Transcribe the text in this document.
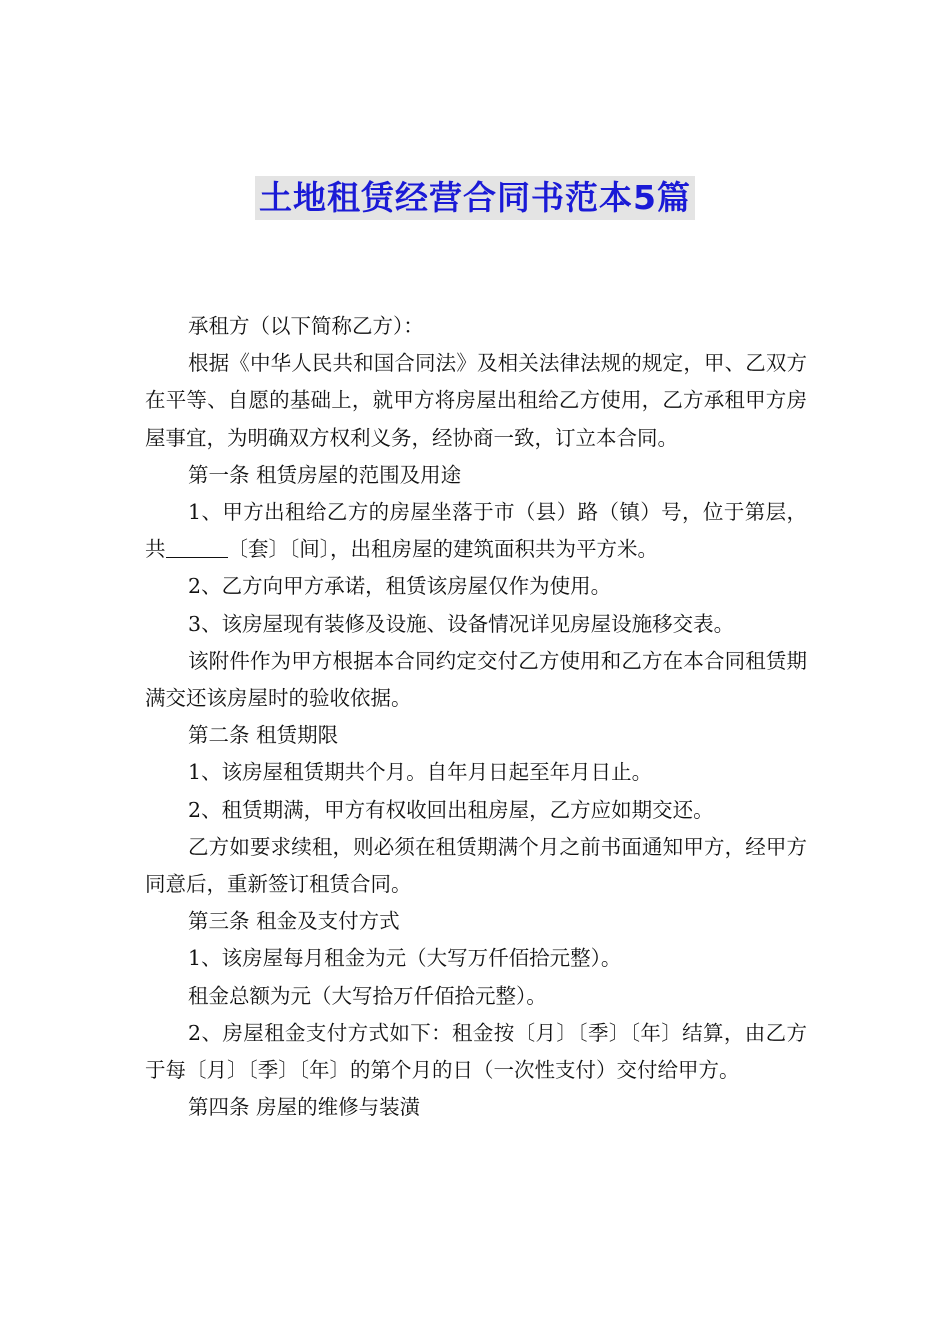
土地租赁经营合同书范本5篇

承租方（以下简称乙方）：

根据《中华人民共和国合同法》及相关法律法规的规定，甲、乙双方在平等、自愿的基础上，就甲方将房屋出租给乙方使用，乙方承租甲方房屋事宜，为明确双方权利义务，经协商一致，订立本合同。

第一条 租赁房屋的范围及用途

1、甲方出租给乙方的房屋坐落于市（县）路（镇）号，位于第层，共	〔套〕〔间〕，出租房屋的建筑面积共为平方米。

2、乙方向甲方承诺，租赁该房屋仅作为使用。

3、该房屋现有装修及设施、设备情况详见房屋设施移交表。

该附件作为甲方根据本合同约定交付乙方使用和乙方在本合同租赁期满交还该房屋时的验收依据。

第二条 租赁期限

1、该房屋租赁期共个月。自年月日起至年月日止。

2、租赁期满，甲方有权收回出租房屋，乙方应如期交还。

乙方如要求续租，则必须在租赁期满个月之前书面通知甲方，经甲方同意后，重新签订租赁合同。

第三条 租金及支付方式

1、该房屋每月租金为元（大写万仟佰拾元整）。

租金总额为元（大写拾万仟佰拾元整）。

2、房屋租金支付方式如下：租金按〔月〕〔季〕〔年〕结算，由乙方于每〔月〕〔季〕〔年〕的第个月的日（一次性支付）交付给甲方。

第四条 房屋的维修与装潢
